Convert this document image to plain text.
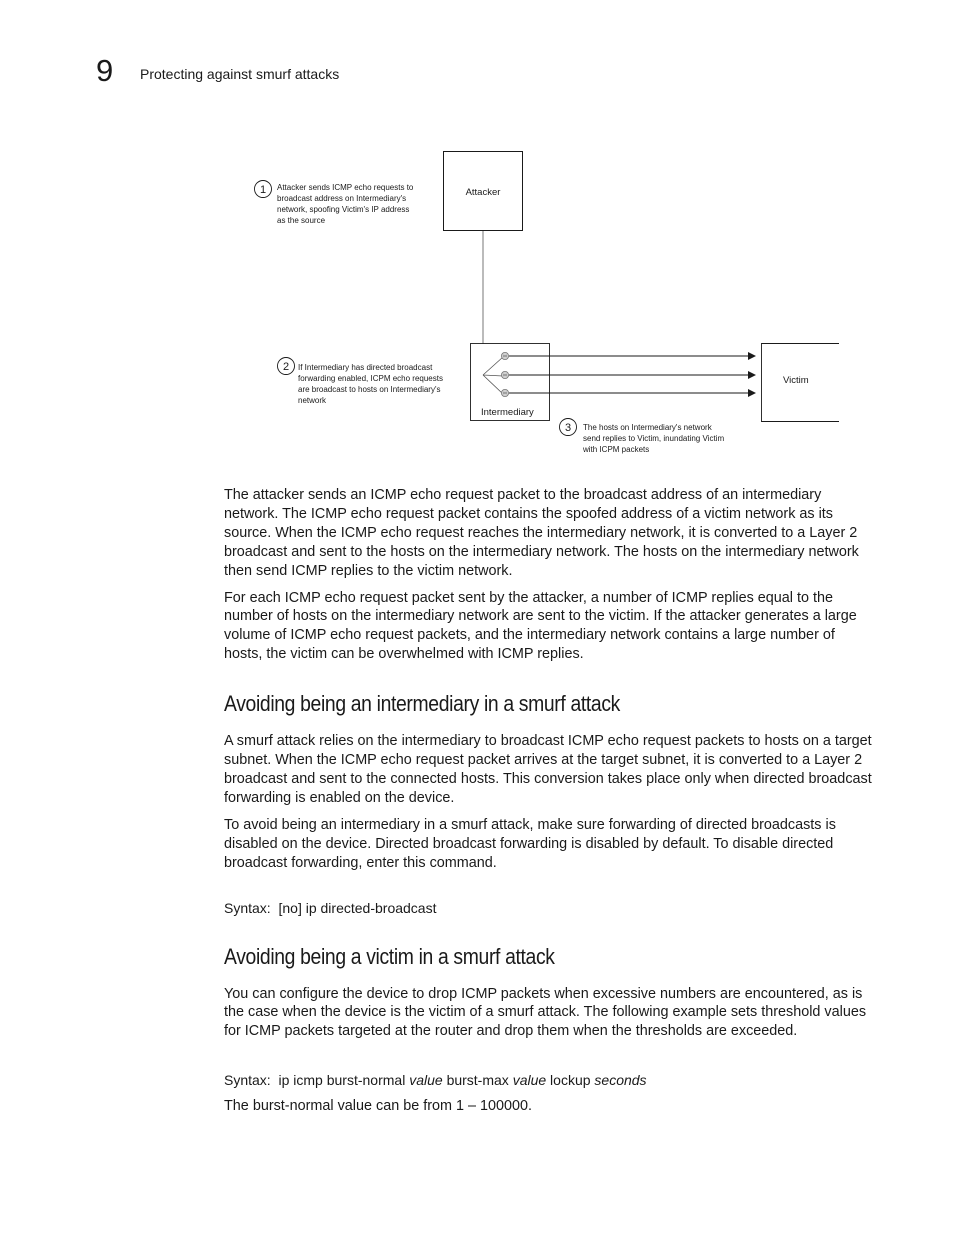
9 Protecting against smurf attacks
Attacker
1 Attacker sends ICMP echo requests to broadcast address on Intermediary's network, spoofing Victim's IP address as the source
Intermediary
Victim
2 If Intermediary has directed broadcast forwarding enabled, ICPM echo requests are broadcast to hosts on Intermediary's network
3 The hosts on Intermediary's network send replies to Victim, inundating Victim with ICPM packets

The attacker sends an ICMP echo request packet to the broadcast address of an intermediary network. The ICMP echo request packet contains the spoofed address of a victim network as its source. When the ICMP echo request reaches the intermediary network, it is converted to a Layer 2 broadcast and sent to the hosts on the intermediary network. The hosts on the intermediary network then send ICMP replies to the victim network.

For each ICMP echo request packet sent by the attacker, a number of ICMP replies equal to the number of hosts on the intermediary network are sent to the victim. If the attacker generates a large volume of ICMP echo request packets, and the intermediary network contains a large number of hosts, the victim can be overwhelmed with ICMP replies.

Avoiding being an intermediary in a smurf attack

A smurf attack relies on the intermediary to broadcast ICMP echo request packets to hosts on a target subnet. When the ICMP echo request packet arrives at the target subnet, it is converted to a Layer 2 broadcast and sent to the connected hosts. This conversion takes place only when directed broadcast forwarding is enabled on the device.

To avoid being an intermediary in a smurf attack, make sure forwarding of directed broadcasts is disabled on the device. Directed broadcast forwarding is disabled by default. To disable directed broadcast forwarding, enter this command.

Syntax: [no] ip directed-broadcast
Avoiding being a victim in a smurf attack

You can configure the device to drop ICMP packets when excessive numbers are encountered, as is the case when the device is the victim of a smurf attack. The following example sets threshold values for ICMP packets targeted at the router and drop them when the thresholds are exceeded.

Syntax: ip icmp burst-normal value burst-max value lockup seconds

The burst-normal value can be from 1 – 100000.
